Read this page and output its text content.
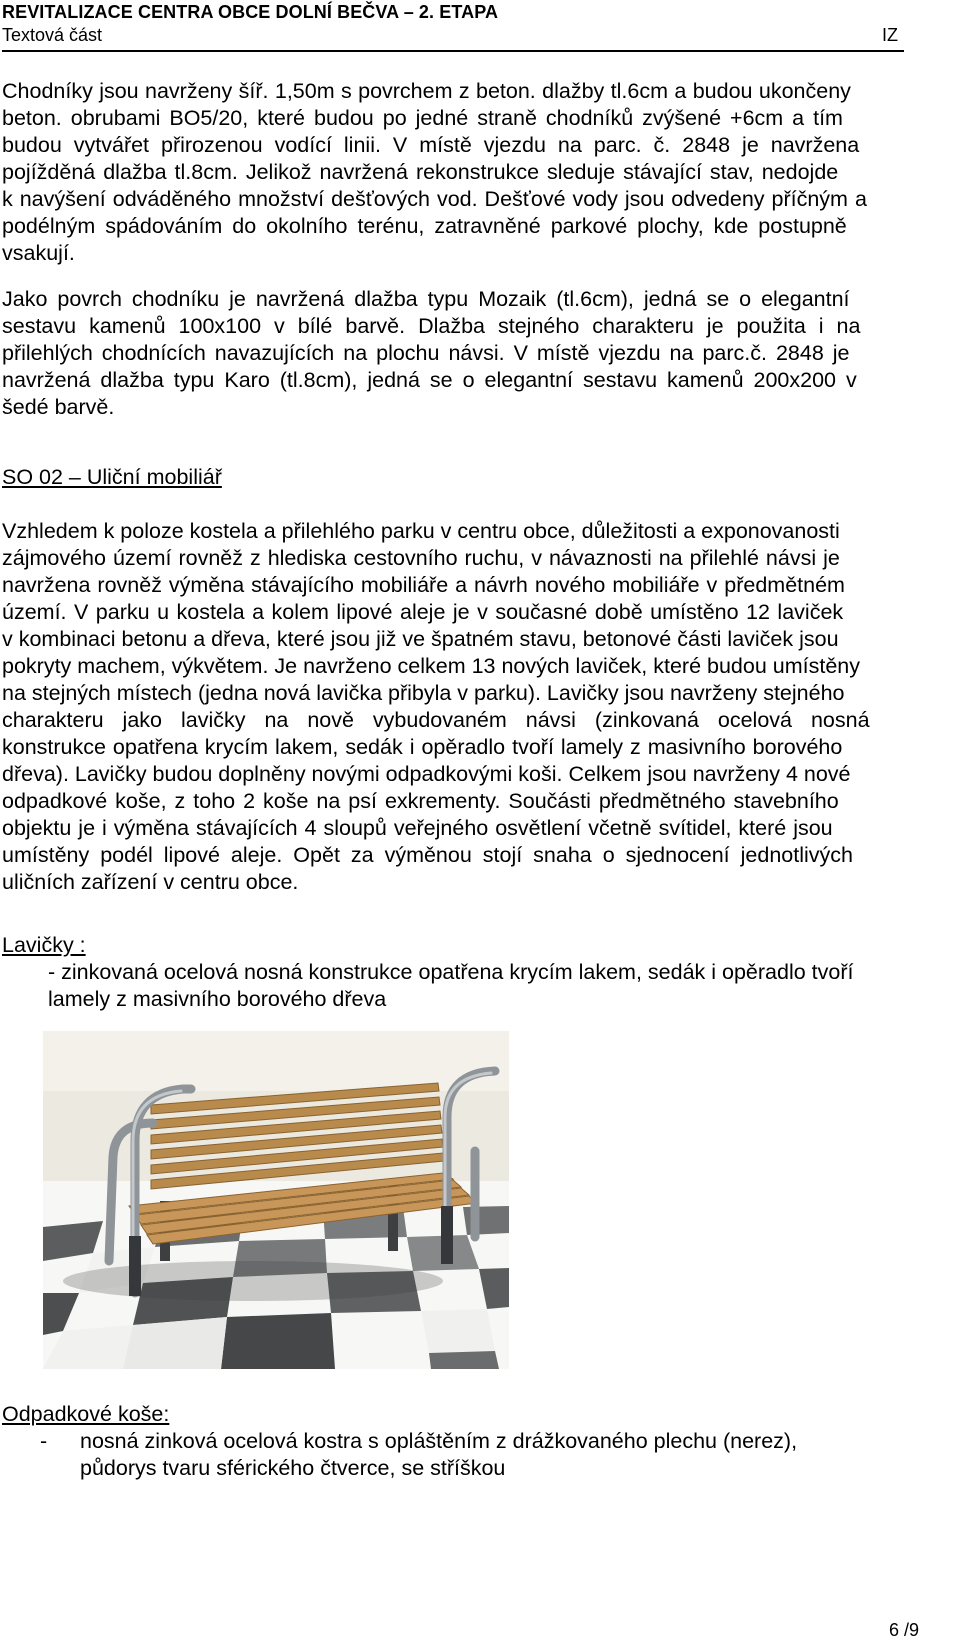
REVITALIZACE CENTRA OBCE DOLNÍ BEČVA – 2. ETAPA
Textová část	IZ
Chodníky jsou navrženy šíř. 1,50m s povrchem z beton. dlažby tl.6cm a budou ukončeny
beton. obrubami BO5/20, které budou po jedné straně chodníků zvýšené +6cm a tím
budou vytvářet přirozenou vodící linii. V místě vjezdu na parc. č. 2848 je navržena
pojížděná dlažba tl.8cm. Jelikož navržená rekonstrukce sleduje stávající stav, nedojde
k navýšení odváděného množství dešťových vod. Dešťové vody jsou odvedeny příčným a
podélným spádováním do okolního terénu, zatravněné parkové plochy, kde postupně
vsakují.
Jako povrch chodníku je navržená dlažba typu Mozaik (tl.6cm), jedná se o elegantní
sestavu kamenů 100x100 v bílé barvě. Dlažba stejného charakteru je použita i na
přilehlých chodnících navazujících na plochu návsi. V místě vjezdu na parc.č. 2848 je
navržená dlažba typu Karo (tl.8cm), jedná se o elegantní sestavu kamenů 200x200 v
šedé barvě.
SO 02 – Uliční mobiliář
Vzhledem k poloze kostela a přilehlého parku v centru obce, důležitosti a exponovanosti
zájmového území rovněž z hlediska cestovního ruchu, v návaznosti na přilehlé návsi je
navržena rovněž výměna stávajícího mobiliáře a návrh nového mobiliáře v předmětném
území. V parku u kostela a kolem lipové aleje je v současné době umístěno 12 laviček
v kombinaci betonu a dřeva, které jsou již ve špatném stavu, betonové části laviček jsou
pokryty machem, výkvětem. Je navrženo celkem 13 nových laviček, které budou umístěny
na stejných místech (jedna nová lavička přibyla v parku). Lavičky jsou navrženy stejného
charakteru jako lavičky na nově vybudovaném návsi (zinkovaná ocelová nosná
konstrukce opatřena krycím lakem, sedák i opěradlo tvoří lamely z masivního borového
dřeva). Lavičky budou doplněny novými odpadkovými koši. Celkem jsou navrženy 4 nové
odpadkové koše, z toho 2 koše na psí exkrementy. Součásti předmětného stavebního
objektu je i výměna stávajících 4 sloupů veřejného osvětlení včetně svítidel, které jsou
umístěny podél lipové aleje. Opět za výměnou stojí snaha o sjednocení jednotlivých
uličních zařízení v centru obce.
Lavičky :
- zinkovaná ocelová nosná konstrukce opatřena krycím lakem, sedák i opěradlo tvoří
lamely z masivního borového dřeva
Odpadkové koše:
- nosná zinková ocelová kostra s opláštěním z drážkovaného plechu (nerez),
půdorys tvaru sférického čtverce, se stříškou
6 /9
